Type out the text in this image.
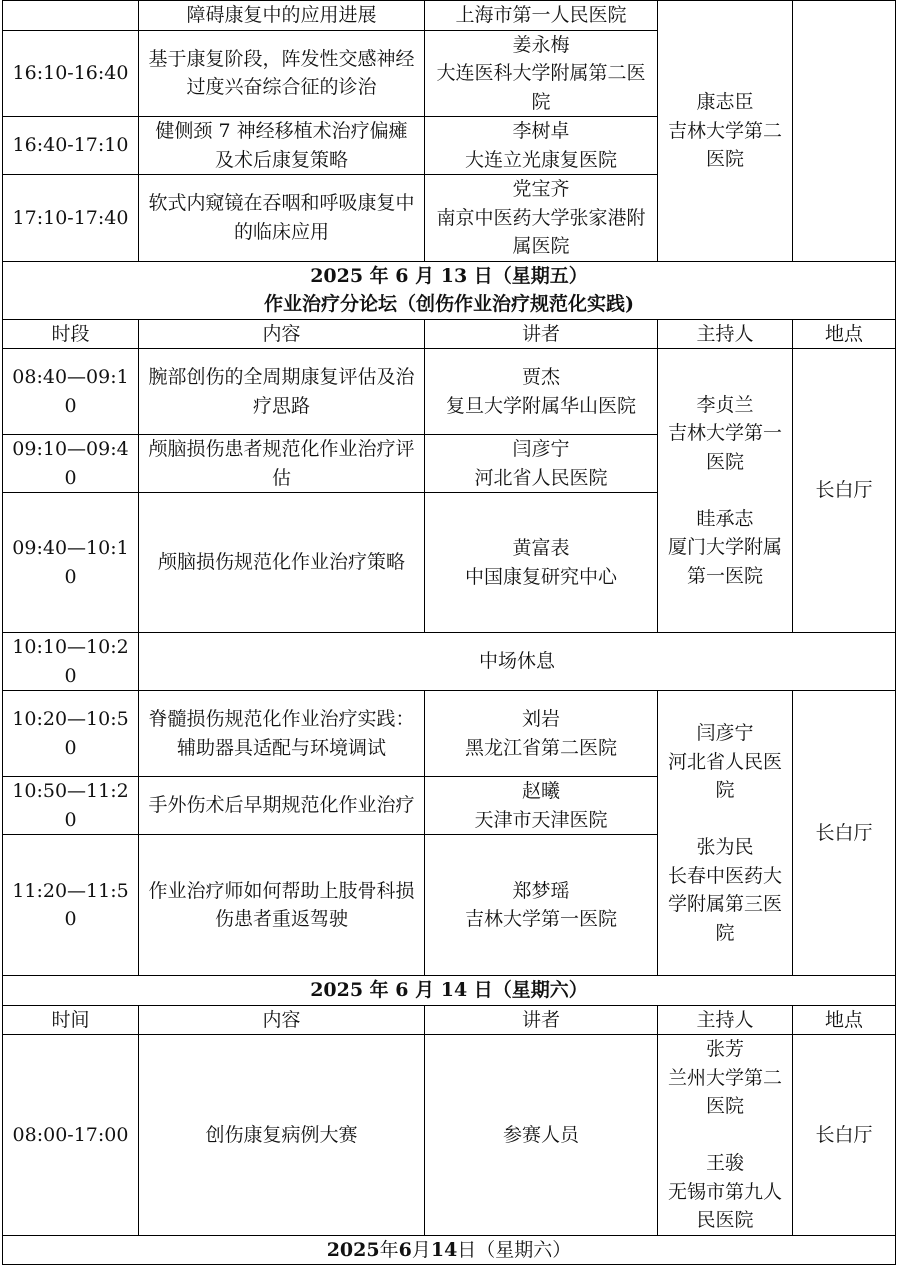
	障碍康复中的应用进展	上海市第一人民医院	康志臣
吉林大学第二医院	
16:10-16:40	基于康复阶段，阵发性交感神经过度兴奋综合征的诊治	姜永梅
大连医科大学附属第二医院		
16:40-17:10	健侧颈 7 神经移植术治疗偏瘫及术后康复策略	李树卓
大连立光康复医院		
17:10-17:40	软式内窥镜在吞咽和呼吸康复中的临床应用	党宝齐
南京中医药大学张家港附属医院		

2025 年 6 月 13 日（星期五）
作业治疗分论坛（创伤作业治疗规范化实践)				

时段	内容	讲者	主持人	地点
08:40—09:10	腕部创伤的全周期康复评估及治疗思路	贾杰
复旦大学附属华山医院	李贞兰
吉林大学第一医院

眭承志
厦门大学附属第一医院	长白厅
09:10—09:40	颅脑损伤患者规范化作业治疗评估	闫彦宁
河北省人民医院		
09:40—10:10	颅脑损伤规范化作业治疗策略	黄富表
中国康复研究中心		
10:10—10:20	中场休息			
10:20—10:50	脊髓损伤规范化作业治疗实践：辅助器具适配与环境调试	刘岩
黑龙江省第二医院	闫彦宁
河北省人民医院

张为民
长春中医药大学附属第三医院	长白厅
10:50—11:20	手外伤术后早期规范化作业治疗	赵曦
天津市天津医院		
11:20—11:50	作业治疗师如何帮助上肢骨科损伤患者重返驾驶	郑梦瑶
吉林大学第一医院		
2025 年 6 月 14 日（星期六）				
时间	内容	讲者	主持人	地点
08:00-17:00	创伤康复病例大赛	参赛人员	张芳
兰州大学第二医院

王骏
无锡市第九人民医院	长白厅
2025年6月14日（星期六）				
